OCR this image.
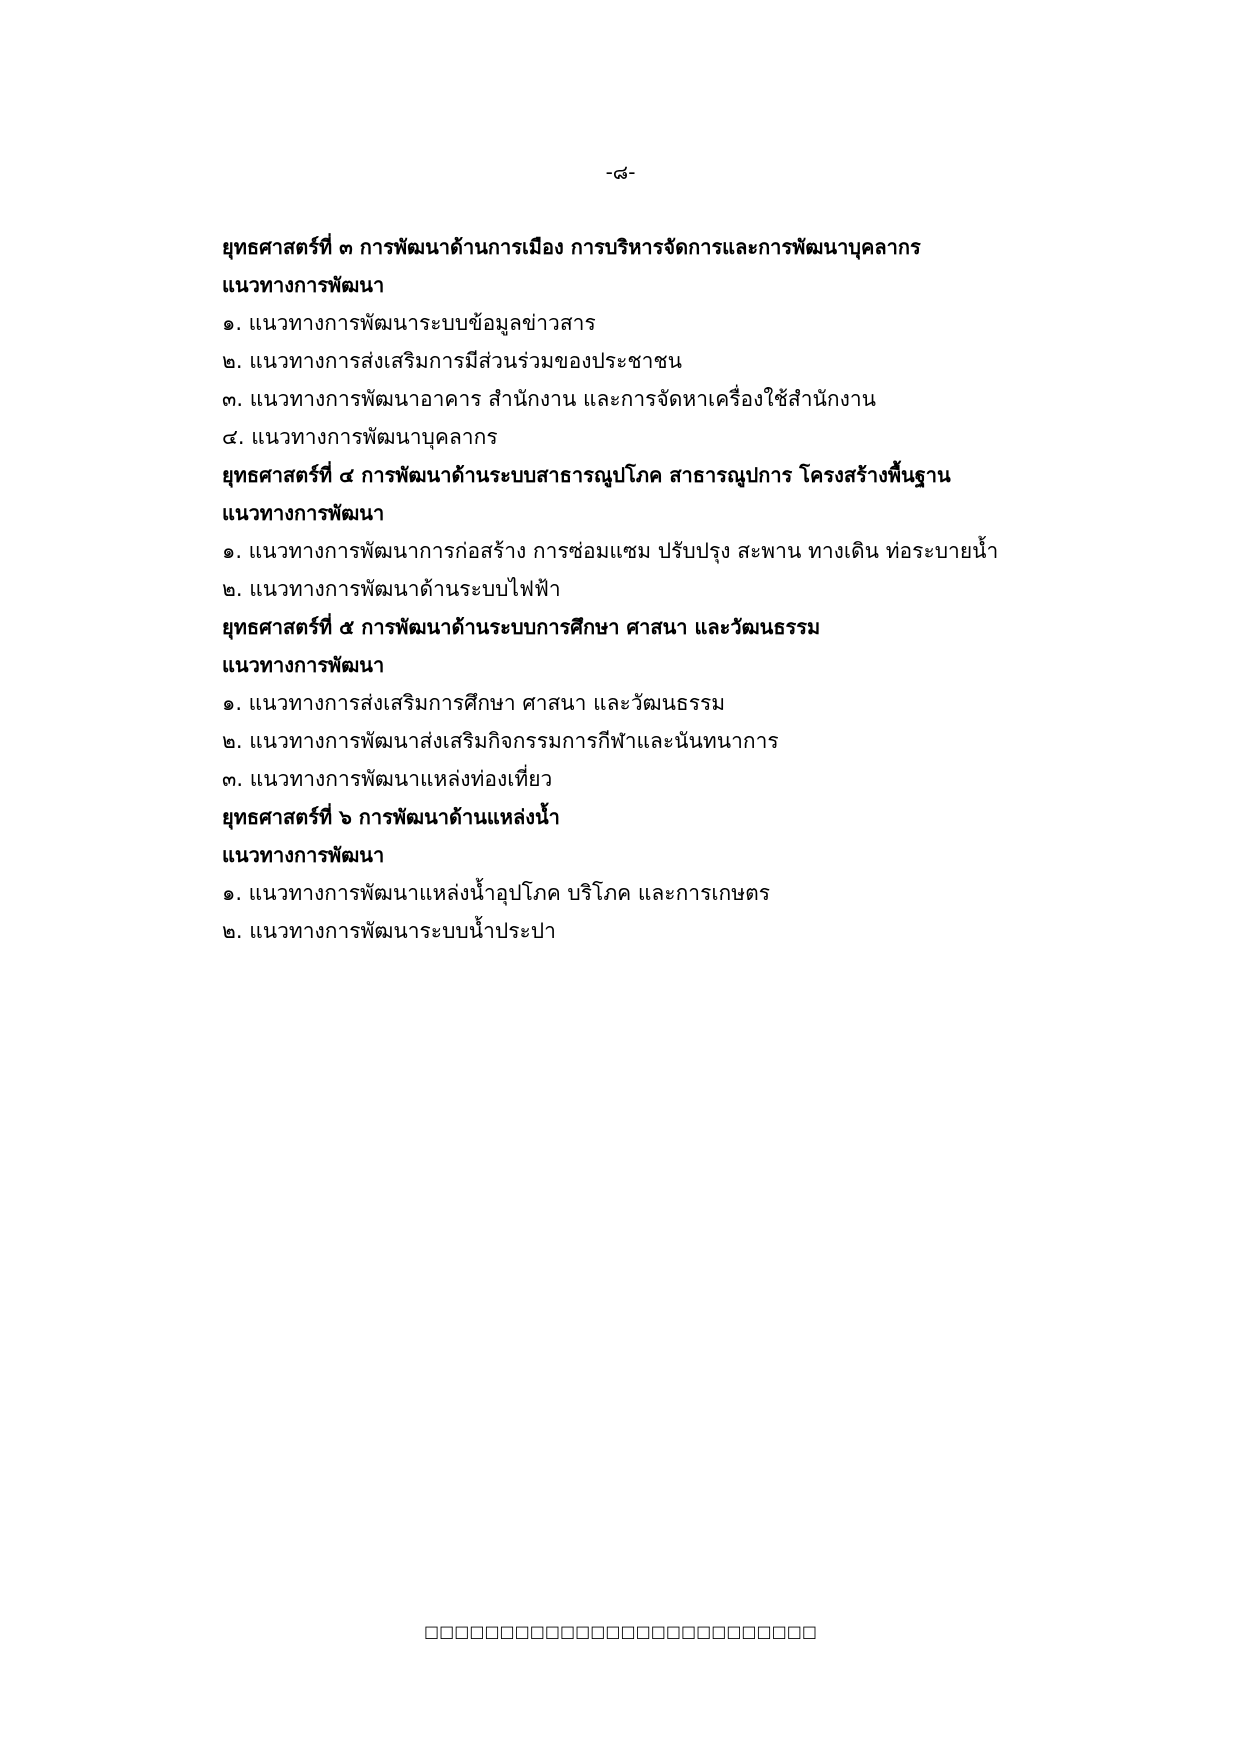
-๘-
ยุทธศาสตร์ที่ ๓ การพัฒนาด้านการเมือง การบริหารจัดการและการพัฒนาบุคลากร
แนวทางการพัฒนา
๑. แนวทางการพัฒนาระบบข้อมูลข่าวสาร
๒. แนวทางการส่งเสริมการมีส่วนร่วมของประชาชน
๓. แนวทางการพัฒนาอาคาร สำนักงาน และการจัดหาเครื่องใช้สำนักงาน
๔. แนวทางการพัฒนาบุคลากร
ยุทธศาสตร์ที่ ๔ การพัฒนาด้านระบบสาธารณูปโภค สาธารณูปการ โครงสร้างพื้นฐาน
แนวทางการพัฒนา
๑. แนวทางการพัฒนาการก่อสร้าง การซ่อมแซม ปรับปรุง สะพาน ทางเดิน ท่อระบายน้ำ
๒. แนวทางการพัฒนาด้านระบบไฟฟ้า
ยุทธศาสตร์ที่ ๕ การพัฒนาด้านระบบการศึกษา ศาสนา และวัฒนธรรม
แนวทางการพัฒนา
๑. แนวทางการส่งเสริมการศึกษา ศาสนา และวัฒนธรรม
๒. แนวทางการพัฒนาส่งเสริมกิจกรรมการกีฬาและนันทนาการ
๓. แนวทางการพัฒนาแหล่งท่องเที่ยว
ยุทธศาสตร์ที่ ๖ การพัฒนาด้านแหล่งน้ำ
แนวทางการพัฒนา
๑. แนวทางการพัฒนาแหล่งน้ำอุปโภค บริโภค และการเกษตร
๒. แนวทางการพัฒนาระบบน้ำประปา
□□□□□□□□□□□□□□□□□□□□□□□□□□
